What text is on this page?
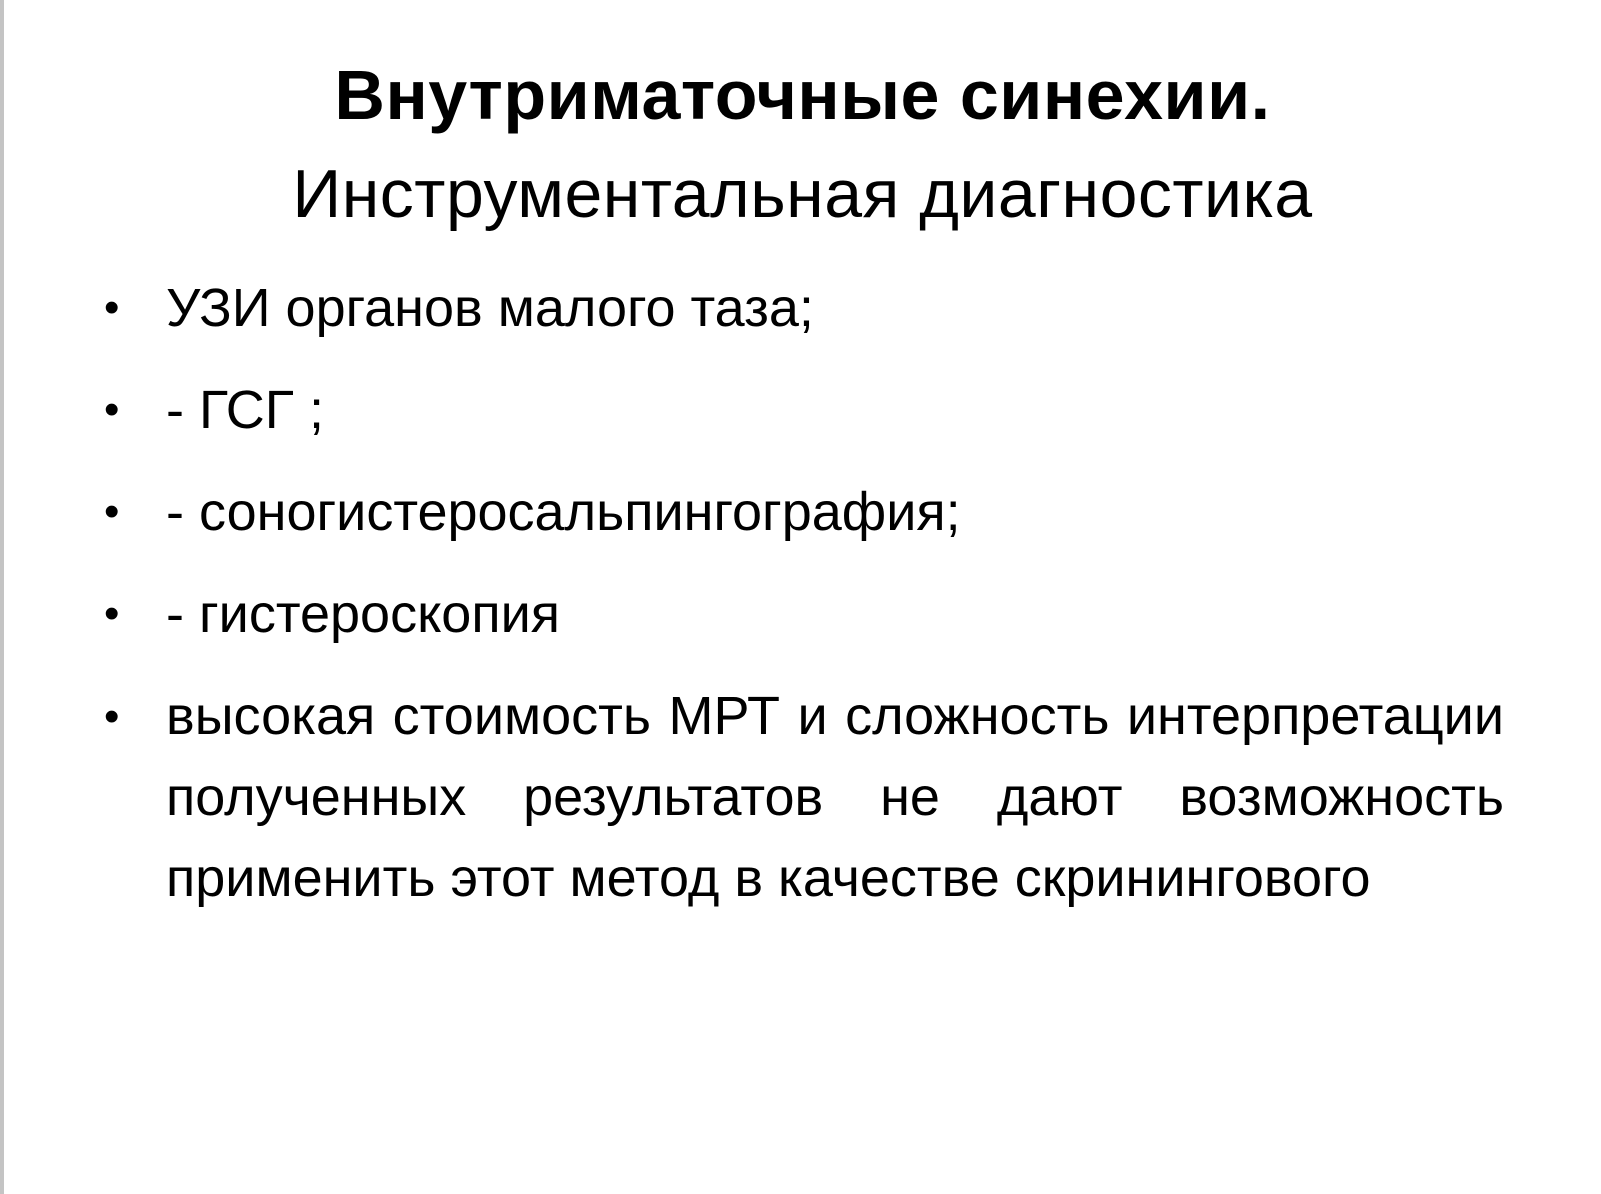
Внутриматочные синехии.
Инструментальная диагностика
• УЗИ органов малого таза;
• - ГСГ ;
• - соногистеросальпингография;
• - гистероскопия
• высокая стоимость МРТ и сложность интерпретации полученных результатов не дают возможность применить этот метод в качестве скринингового
